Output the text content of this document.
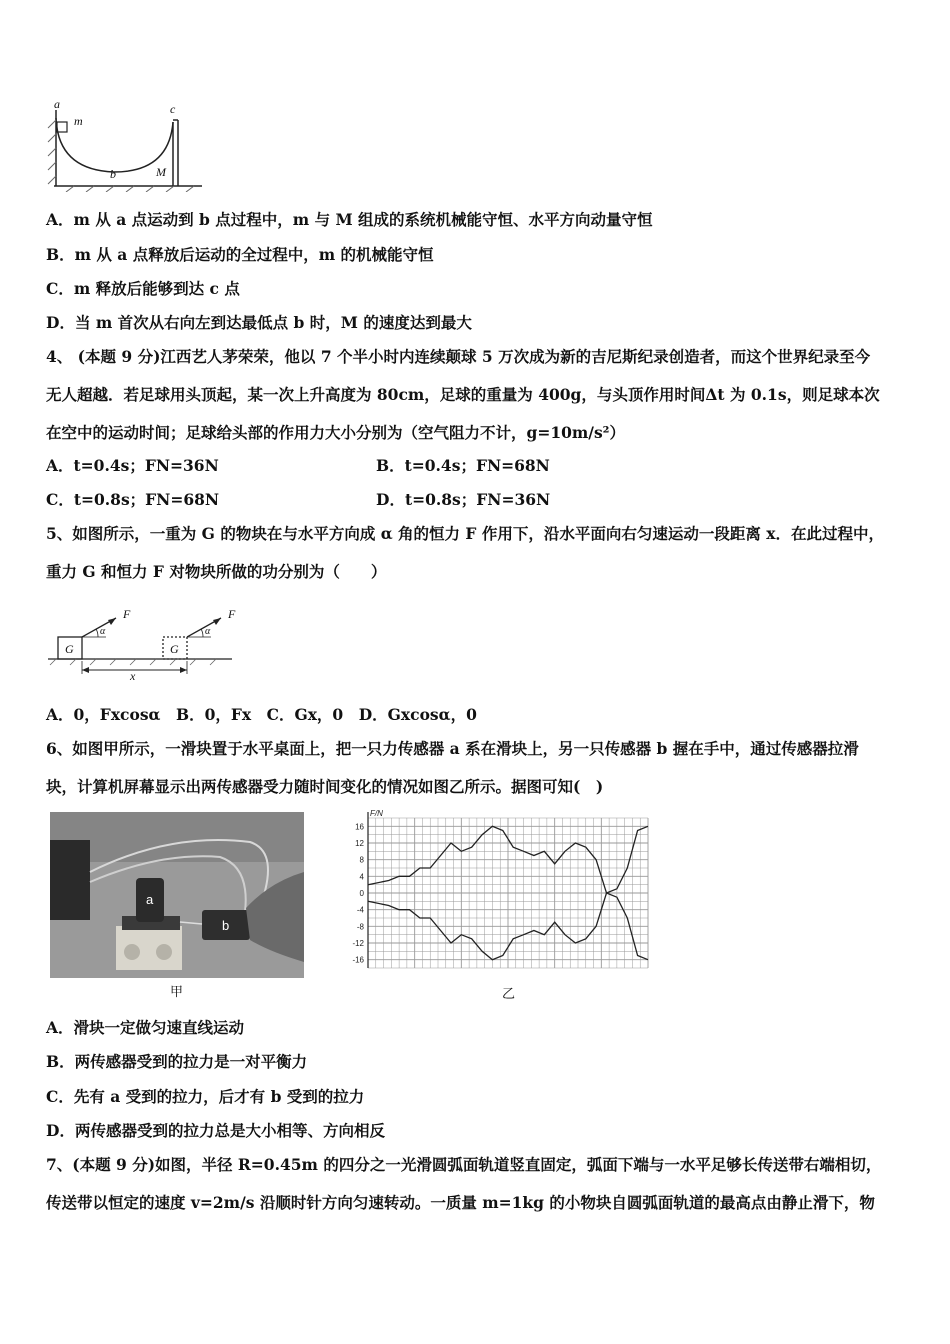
a
m
b	M
c
A．m 从 a 点运动到 b 点过程中，m 与 M 组成的系统机械能守恒、水平方向动量守恒
B．m 从 a 点释放后运动的全过程中，m 的机械能守恒
C．m 释放后能够到达 c 点
D．当 m 首次从右向左到达最低点 b 时，M 的速度达到最大
4、 (本题 9 分)江西艺人茅荣荣，他以 7 个半小时内连续颠球 5 万次成为新的吉尼斯纪录创造者，而这个世界纪录至今
无人超越．若足球用头顶起，某一次上升高度为 80cm，足球的重量为 400g，与头顶作用时间Δt 为 0.1s，则足球本次
在空中的运动时间；足球给头部的作用力大小分别为（空气阻力不计，g=10m/s²）
A．t=0.4s；FN=36N	B．t=0.4s；FN=68N
C．t=0.8s；FN=68N	D．t=0.8s；FN=36N
5、如图所示，一重为 G 的物块在与水平方向成 α 角的恒力 F 作用下，沿水平面向右匀速运动一段距离 x．在此过程中，
重力 G 和恒力 F 对物块所做的功分别为（　　）
G	G
F	F
α	α
x
A．0，Fxcosα　B．0，Fx　C．Gx，0　D．Gxcosα，0
6、如图甲所示，一滑块置于水平桌面上，把一只力传感器 a 系在滑块上，另一只传感器 b 握在手中，通过传感器拉滑
块，计算机屏幕显示出两传感器受力随时间变化的情况如图乙所示。据图可知(　)
a
b
甲
16
12
8
4
0
-4
-8
-12
-16
F/N
乙
A．滑块一定做匀速直线运动
B．两传感器受到的拉力是一对平衡力
C．先有 a 受到的拉力，后才有 b 受到的拉力
D．两传感器受到的拉力总是大小相等、方向相反
7、(本题 9 分)如图，半径 R=0.45m 的四分之一光滑圆弧面轨道竖直固定，弧面下端与一水平足够长传送带右端相切，
传送带以恒定的速度 v=2m/s 沿顺时针方向匀速转动。一质量 m=1kg 的小物块自圆弧面轨道的最高点由静止滑下，物
